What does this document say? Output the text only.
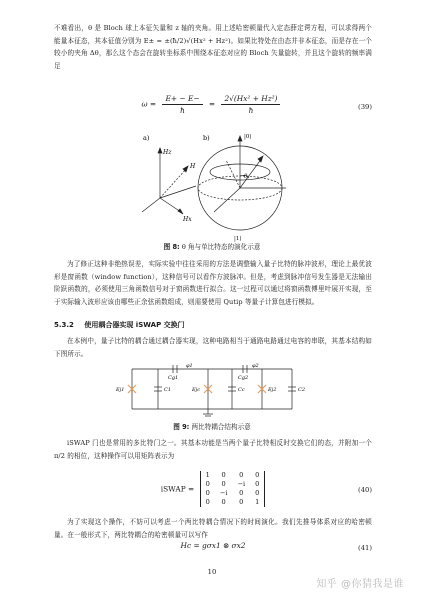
不难看出，θ 是 Bloch 球上本征矢量和 z 轴的夹角。用上述哈密顿量代入定态薛定谔方程，可以求得两个能量本征态，其本征值分别为 E± = ±(ħ/2)√(Hx² + Hz²)。如果比特处在由态并非本征态，而是存在一个较小的夹角 Δθ，那么这个态会在旋转坐标系中围绕本征态对应的 Bloch 矢量旋转，并且这个旋转的频率满足
$\omega = \frac{E+ - E-}{ħ} = \frac{\text{2√(Hx² + Hz²)}}{ħ}$	(39)
a)
Hz
Hx
H
b)
θ
|0⟩
|1⟩
图 8: θ 角与单比特态的演化示意
为了修正这种非绝热误差，实际实验中往往采用的方法是调整输入量子比特的脉冲波形，理论上最优波形是窗函数（window function），这种信号可以看作方波脉冲。但是，考虑到脉冲信号发生器是无法输出阶跃函数的，必须使用三角函数信号对于窗函数进行拟合。这一过程可以通过将窗函数傅里叶展开实现，至于实际输入波形应该由哪些正余弦函数组成，则需要使用 Qutip 等量子计算包进行模拟。
5.3.2 使用耦合器实现 iSWAP 交换门
在本例中，量子比特的耦合通过耦合器实现，这种电路相当于通路电路通过电容的串联，其基本结构如下图所示。
φ1	φ2
Cg1	Cg2
Ej1	C1	Ejc	Cc	Ej2	C2
图 9: 两比特耦合结构示意
iSWAP 门也是常用的多比特门之一。其基本功能是当两个量子比特相反时交换它们的态，并附加一个 π/2 的相位，这种操作可以用矩阵表示为
iSWAP = 1	0	0	0
0	0	−i	0
0	−i	0	0
0	0	0	1
(40)
为了实现这个操作，不妨可以考虑一个两比特耦合情况下的时间演化。我们先推导体系对应的哈密顿量。在一般形式下，两比特耦合的哈密顿量可以写作
Hc = gσx1 ⊗ σx2	(41)
10
知乎 @你猜我是谁
